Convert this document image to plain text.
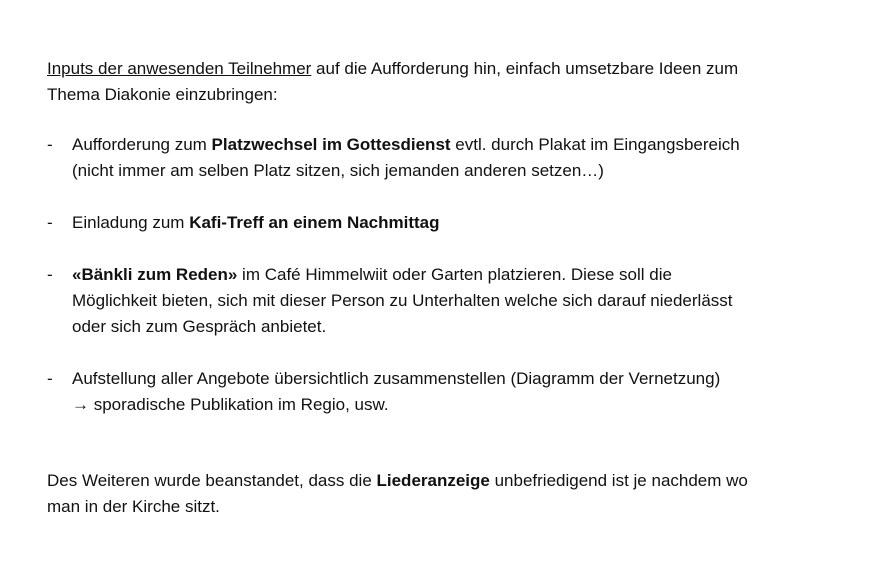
Inputs der anwesenden Teilnehmer auf die Aufforderung hin, einfach umsetzbare Ideen zum
Thema Diakonie einzubringen:
-	Aufforderung zum Platzwechsel im Gottesdienst evtl. durch Plakat im Eingangsbereich
(nicht immer am selben Platz sitzen, sich jemanden anderen setzen…)
-	Einladung zum Kafi-Treff an einem Nachmittag
-	«Bänkli zum Reden» im Café Himmelwiit oder Garten platzieren. Diese soll die
Möglichkeit bieten, sich mit dieser Person zu Unterhalten welche sich darauf niederlässt
oder sich zum Gespräch anbietet.
-	Aufstellung aller Angebote übersichtlich zusammenstellen (Diagramm der Vernetzung)
→ sporadische Publikation im Regio, usw.
Des Weiteren wurde beanstandet, dass die Liederanzeige unbefriedigend ist je nachdem wo
man in der Kirche sitzt.
